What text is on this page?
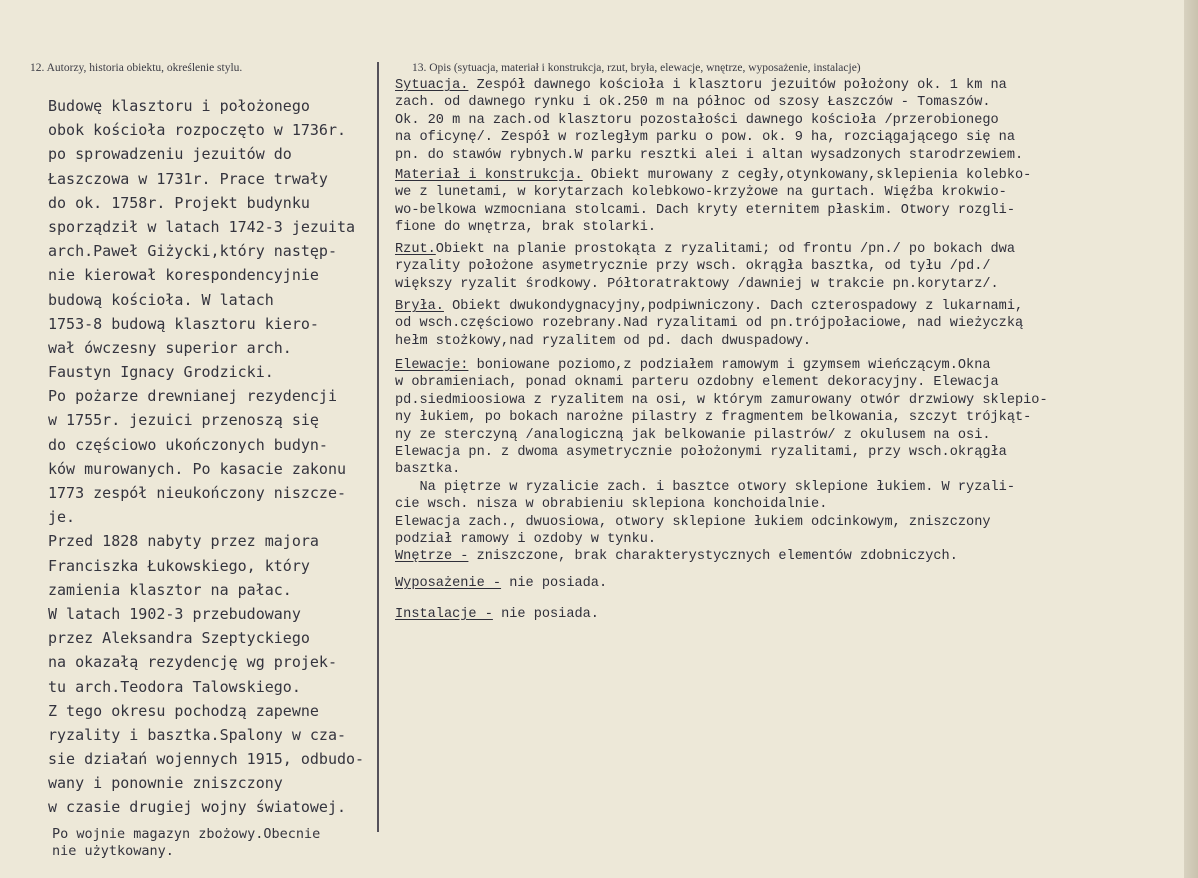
12. Autorzy, historia obiektu, określenie stylu.	13. Opis (sytuacja, materiał i konstrukcja, rzut, bryła, elewacje, wnętrze, wyposażenie, instalacje)
Budowę klasztoru i położonego
obok kościoła rozpoczęto w 1736r.
po sprowadzeniu jezuitów do
Łaszczowa w 1731r. Prace trwały
do ok. 1758r. Projekt budynku
sporządził w latach 1742-3 jezuita
arch.Paweł Giżycki,który następ-
nie kierował korespondencyjnie
budową kościoła. W latach
1753-8 budową klasztoru kiero-
wał ówczesny superior arch.
Faustyn Ignacy Grodzicki.
Po pożarze drewnianej rezydencji
w 1755r. jezuici przenoszą się
do częściowo ukończonych budyn-
ków murowanych. Po kasacie zakonu
1773 zespół nieukończony niszcze-
je.
Przed 1828 nabyty przez majora
Franciszka Łukowskiego, który
zamienia klasztor na pałac.
W latach 1902-3 przebudowany
przez Aleksandra Szeptyckiego
na okazałą rezydencję wg projek-
tu arch.Teodora Talowskiego.
Z tego okresu pochodzą zapewne
ryzality i basztka.Spalony w cza-
sie działań wojennych 1915, odbudo-
wany i ponownie zniszczony
w czasie drugiej wojny światowej.
Po wojnie magazyn zbożowy.Obecnie
nie użytkowany.
Sytuacja. Zespół dawnego kościoła i klasztoru jezuitów położony ok. 1 km na
zach. od dawnego rynku i ok.250 m na północ od szosy Łaszczów - Tomaszów.
Ok. 20 m na zach.od klasztoru pozostałości dawnego kościoła /przerobionego
na oficynę/. Zespół w rozległym parku o pow. ok. 9 ha, rozciągającego się na
pn. do stawów rybnych.W parku resztki alei i altan wysadzonych starodrzewiem.
Materiał i konstrukcja. Obiekt murowany z cegły,otynkowany,sklepienia kolebko-
we z lunetami, w korytarzach kolebkowo-krzyżowe na gurtach. Więźba krokwio-
wo-belkowa wzmocniana stolcami. Dach kryty eternitem płaskim. Otwory rozgli-
fione do wnętrza, brak stolarki.
Rzut.Obiekt na planie prostokąta z ryzalitami; od frontu /pn./ po bokach dwa
ryzality położone asymetrycznie przy wsch. okrągła basztka, od tyłu /pd./
większy ryzalit środkowy. Półtoratraktowy /dawniej w trakcie pn.korytarz/.
Bryła. Obiekt dwukondygnacyjny,podpiwniczony. Dach czterospadowy z lukarnami,
od wsch.częściowo rozebrany.Nad ryzalitami od pn.trójpołaciowe, nad wieżyczką
hełm stożkowy,nad ryzalitem od pd. dach dwuspadowy.
Elewacje: boniowane poziomo,z podziałem ramowym i gzymsem wieńczącym.Okna
w obramieniach, ponad oknami parteru ozdobny element dekoracyjny. Elewacja
pd.siedmioosiowa z ryzalitem na osi, w którym zamurowany otwór drzwiowy sklepio-
ny łukiem, po bokach narożne pilastry z fragmentem belkowania, szczyt trójkąt-
ny ze sterczyną /analogiczną jak belkowanie pilastrów/ z okulusem na osi.
Elewacja pn. z dwoma asymetrycznie położonymi ryzalitami, przy wsch.okrągła
basztka.
Na piętrze w ryzalicie zach. i basztce otwory sklepione łukiem. W ryzali-
cie wsch. nisza w obrabieniu sklepiona konchoidalnie.
Elewacja zach., dwuosiowa, otwory sklepione łukiem odcinkowym, zniszczony
podział ramowy i ozdoby w tynku.
Wnętrze - zniszczone, brak charakterystycznych elementów zdobniczych.
Wyposażenie - nie posiada.
Instalacje - nie posiada.
